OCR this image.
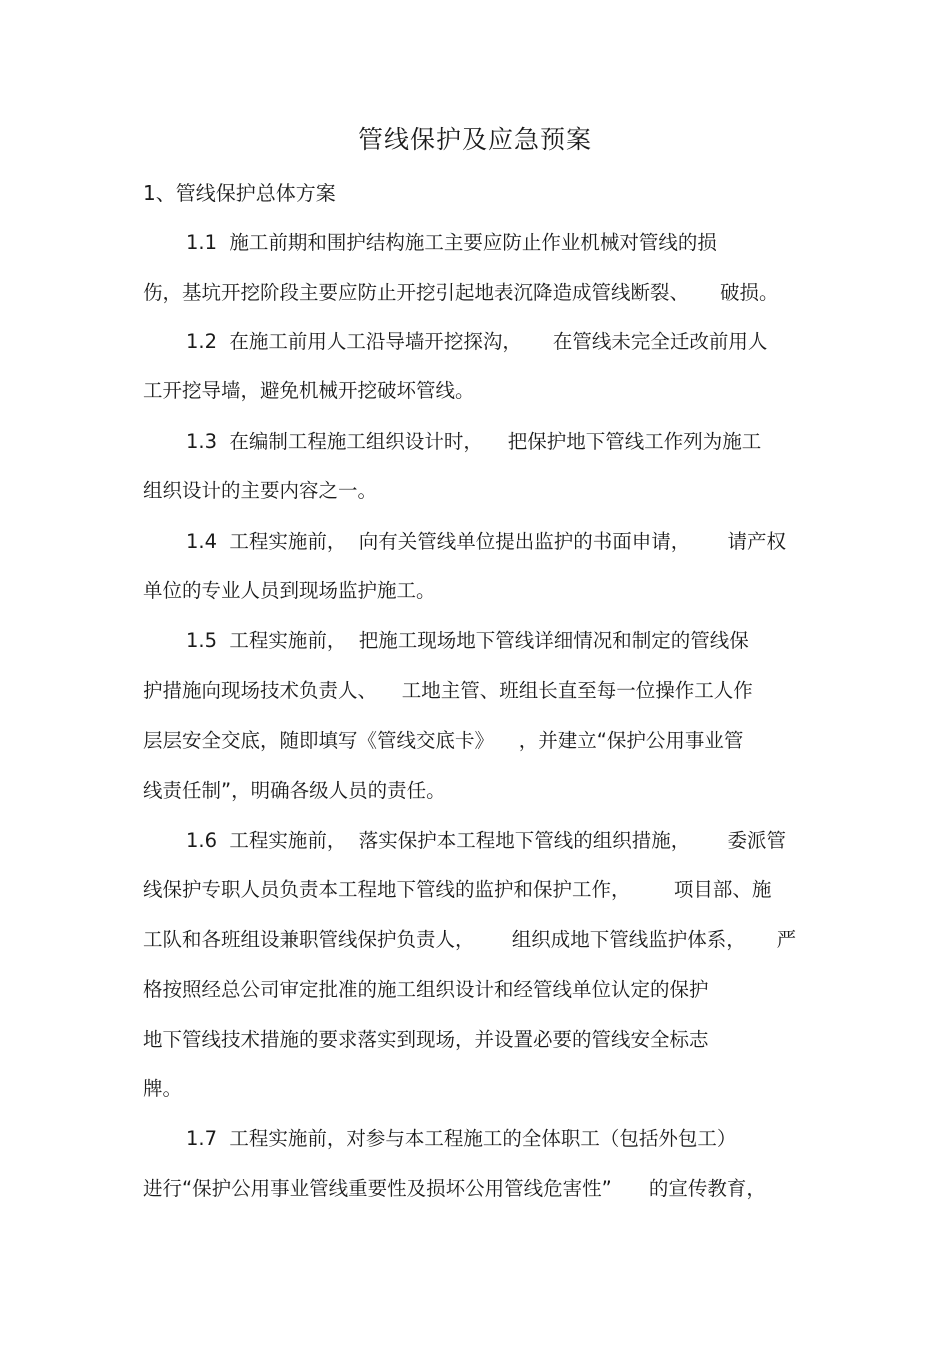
管线保护及应急预案
1、管线保护总体方案
1.1  施工前期和围护结构施工主要应防止作业机械对管线的损
伤，基坑开挖阶段主要应防止开挖引起地表沉降造成管线断裂、     破损。
1.2  在施工前用人工沿导墙开挖探沟，     在管线未完全迁改前用人
工开挖导墙，避免机械开挖破坏管线。
1.3  在编制工程施工组织设计时，    把保护地下管线工作列为施工
组织设计的主要内容之一。
1.4  工程实施前，  向有关管线单位提出监护的书面申请，      请产权
单位的专业人员到现场监护施工。
1.5  工程实施前，  把施工现场地下管线详细情况和制定的管线保
护措施向现场技术负责人、    工地主管、班组长直至每一位操作工人作
层层安全交底，随即填写《管线交底卡》    ，并建立“保护公用事业管
线责任制”，明确各级人员的责任。
1.6  工程实施前，  落实保护本工程地下管线的组织措施，      委派管
线保护专职人员负责本工程地下管线的监护和保护工作，       项目部、施
工队和各班组设兼职管线保护负责人，      组织成地下管线监护体系，     严
格按照经总公司审定批准的施工组织设计和经管线单位认定的保护
地下管线技术措施的要求落实到现场，并设置必要的管线安全标志
牌。
1.7  工程实施前，对参与本工程施工的全体职工（包括外包工）
进行“保护公用事业管线重要性及损坏公用管线危害性”      的宣传教育，
